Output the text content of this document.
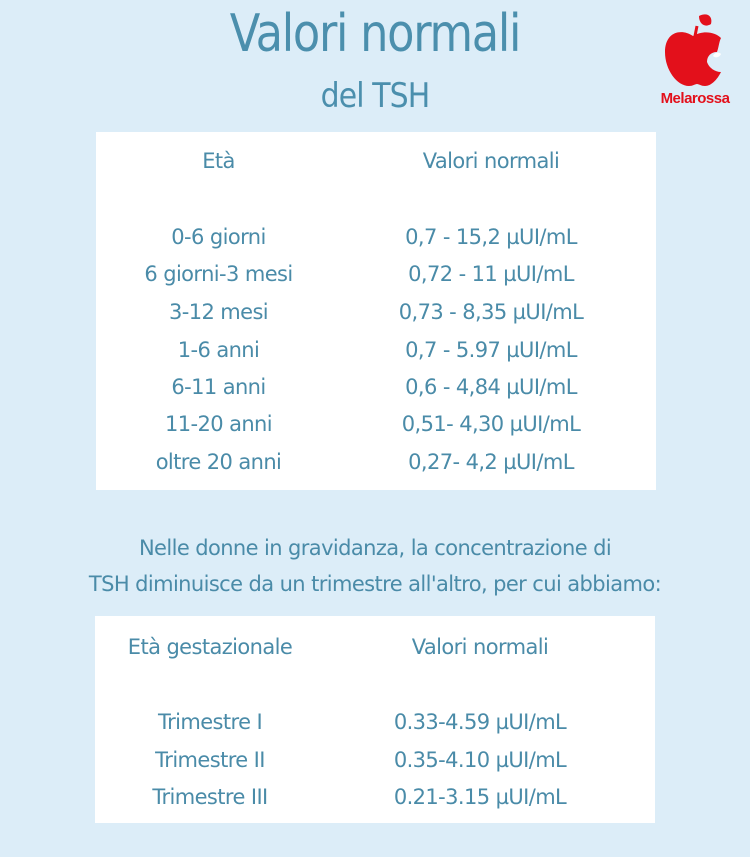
Valori normali
del TSH	Melarossa
Età	Valori normali
0-6 giorni	0,7 - 15,2 µUI/mL
6 giorni-3 mesi	0,72 - 11 µUI/mL
3-12 mesi	0,73 - 8,35 µUI/mL
1-6 anni	0,7 - 5.97 µUI/mL
6-11 anni	0,6 - 4,84 µUI/mL
11-20 anni	0,51- 4,30 µUI/mL
oltre 20 anni	0,27- 4,2 µUI/mL
Nelle donne in gravidanza, la concentrazione di
TSH diminuisce da un trimestre all'altro, per cui abbiamo:
Età gestazionale	Valori normali
Trimestre I	0.33-4.59 µUI/mL
Trimestre II	0.35-4.10 µUI/mL
Trimestre III	0.21-3.15 µUI/mL
